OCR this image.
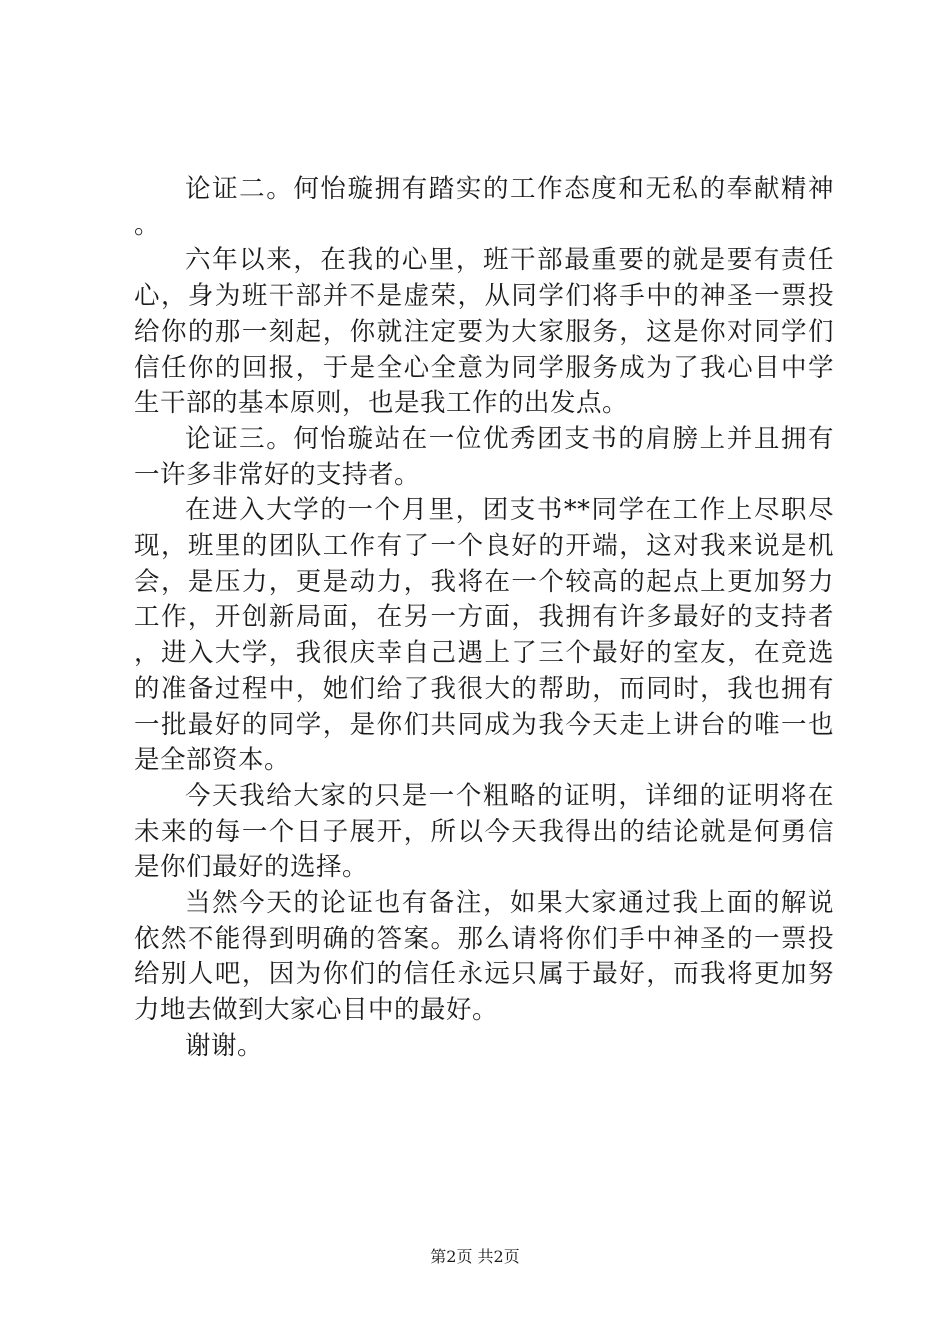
论证二。何怡璇拥有踏实的工作态度和无私的奉献精神。

六年以来，在我的心里，班干部最重要的就是要有责任心，身为班干部并不是虚荣，从同学们将手中的神圣一票投给你的那一刻起，你就注定要为大家服务，这是你对同学们信任你的回报，于是全心全意为同学服务成为了我心目中学生干部的基本原则，也是我工作的出发点。

论证三。何怡璇站在一位优秀团支书的肩膀上并且拥有一许多非常好的支持者。

在进入大学的一个月里，团支书**同学在工作上尽职尽现，班里的团队工作有了一个良好的开端，这对我来说是机会，是压力，更是动力，我将在一个较高的起点上更加努力工作，开创新局面，在另一方面，我拥有许多最好的支持者，进入大学，我很庆幸自己遇上了三个最好的室友，在竞选的准备过程中，她们给了我很大的帮助，而同时，我也拥有一批最好的同学，是你们共同成为我今天走上讲台的唯一也是全部资本。

今天我给大家的只是一个粗略的证明，详细的证明将在未来的每一个日子展开，所以今天我得出的结论就是何勇信是你们最好的选择。

当然今天的论证也有备注，如果大家通过我上面的解说依然不能得到明确的答案。那么请将你们手中神圣的一票投给别人吧，因为你们的信任永远只属于最好，而我将更加努力地去做到大家心目中的最好。

谢谢。

第2页 共2页
